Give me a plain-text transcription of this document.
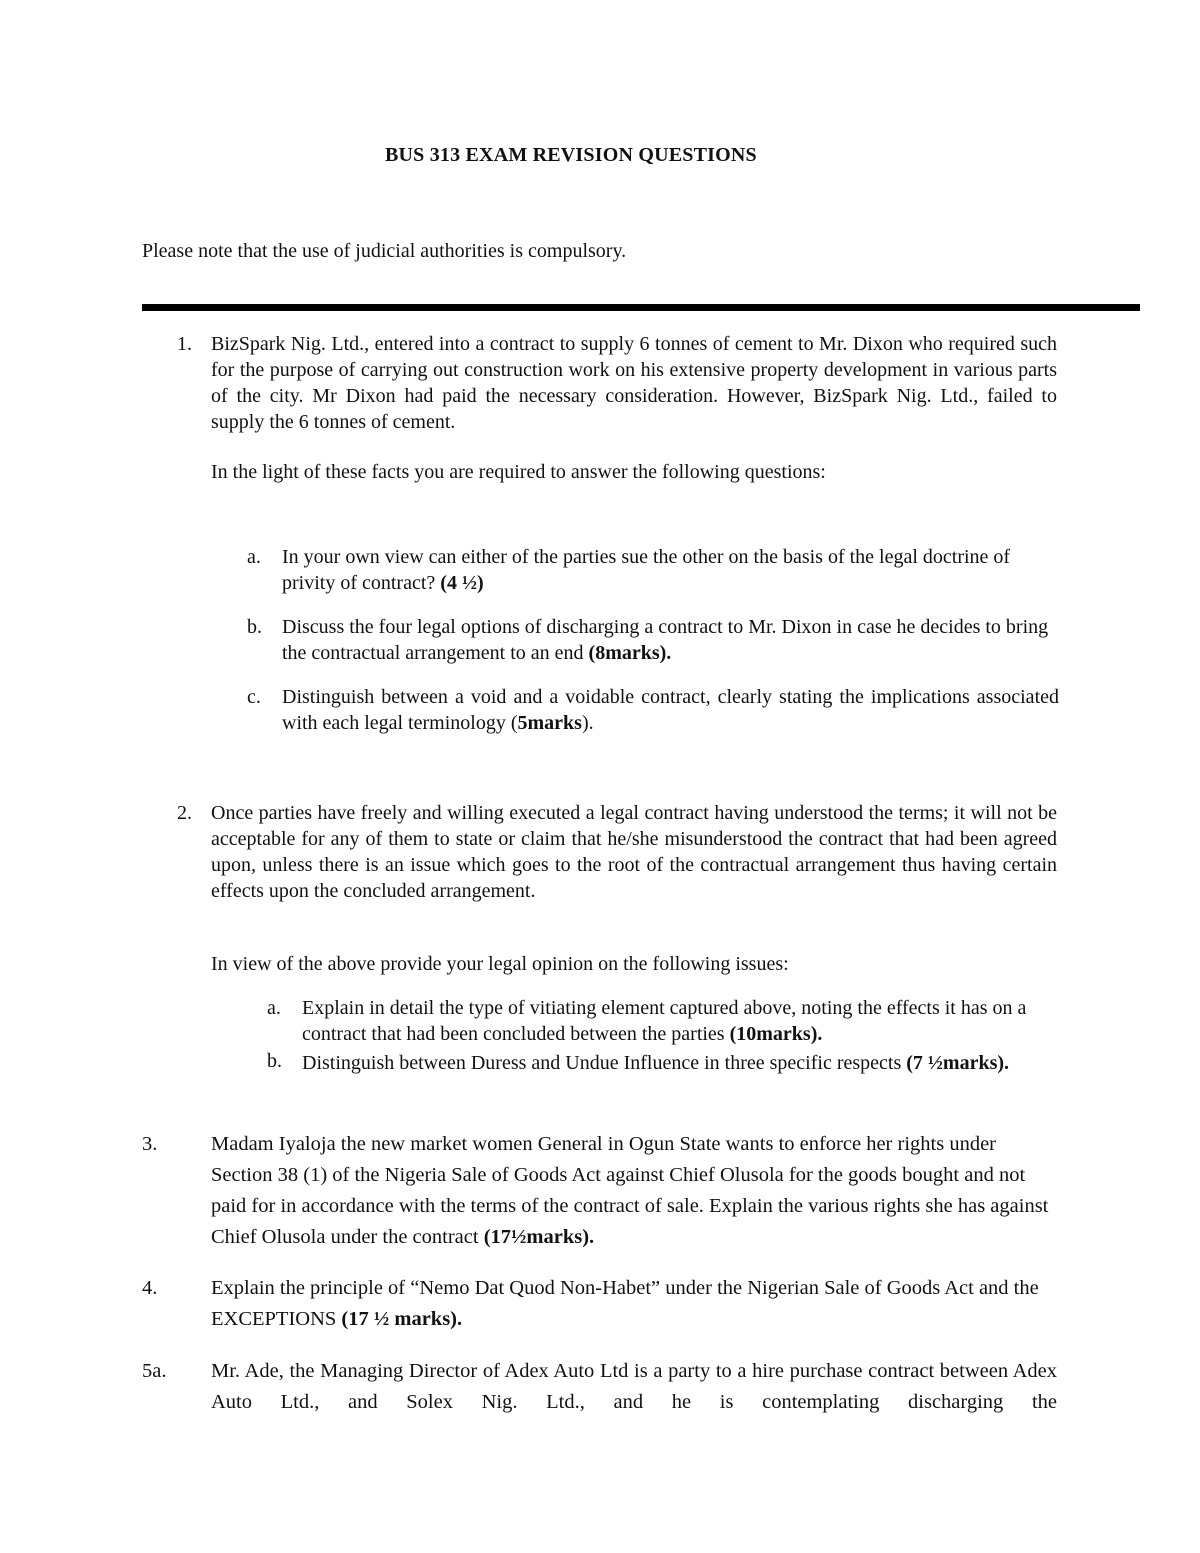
BUS 313 EXAM REVISION QUESTIONS
Please note that the use of judicial authorities is compulsory.
1. BizSpark Nig. Ltd., entered into a contract to supply 6 tonnes of cement to Mr. Dixon who required such for the purpose of carrying out construction work on his extensive property development in various parts of the city. Mr Dixon had paid the necessary consideration. However, BizSpark Nig. Ltd., failed to supply the 6 tonnes of cement.
In the light of these facts you are required to answer the following questions:
a. In your own view can either of the parties sue the other on the basis of the legal doctrine of privity of contract? (4 ½)
b. Discuss the four legal options of discharging a contract to Mr. Dixon in case he decides to bring the contractual arrangement to an end (8marks).
c. Distinguish between a void and a voidable contract, clearly stating the implications associated with each legal terminology (5marks).
2. Once parties have freely and willing executed a legal contract having understood the terms; it will not be acceptable for any of them to state or claim that he/she misunderstood the contract that had been agreed upon, unless there is an issue which goes to the root of the contractual arrangement thus having certain effects upon the concluded arrangement.
In view of the above provide your legal opinion on the following issues:
a. Explain in detail the type of vitiating element captured above, noting the effects it has on a contract that had been concluded between the parties (10marks).
b. Distinguish between Duress and Undue Influence in three specific respects (7 ½marks).
3.	Madam Iyaloja the new market women General in Ogun State wants to enforce her rights under Section 38 (1) of the Nigeria Sale of Goods Act against Chief Olusola for the goods bought and not paid for in accordance with the terms of the contract of sale. Explain the various rights she has against Chief Olusola under the contract (17½marks).
4.	Explain the principle of “Nemo Dat Quod Non-Habet” under the Nigerian Sale of Goods Act and the EXCEPTIONS (17 ½ marks).
5a. Mr. Ade, the Managing Director of Adex Auto Ltd is a party to a hire purchase contract between Adex Auto Ltd., and Solex Nig. Ltd., and he is contemplating discharging the
